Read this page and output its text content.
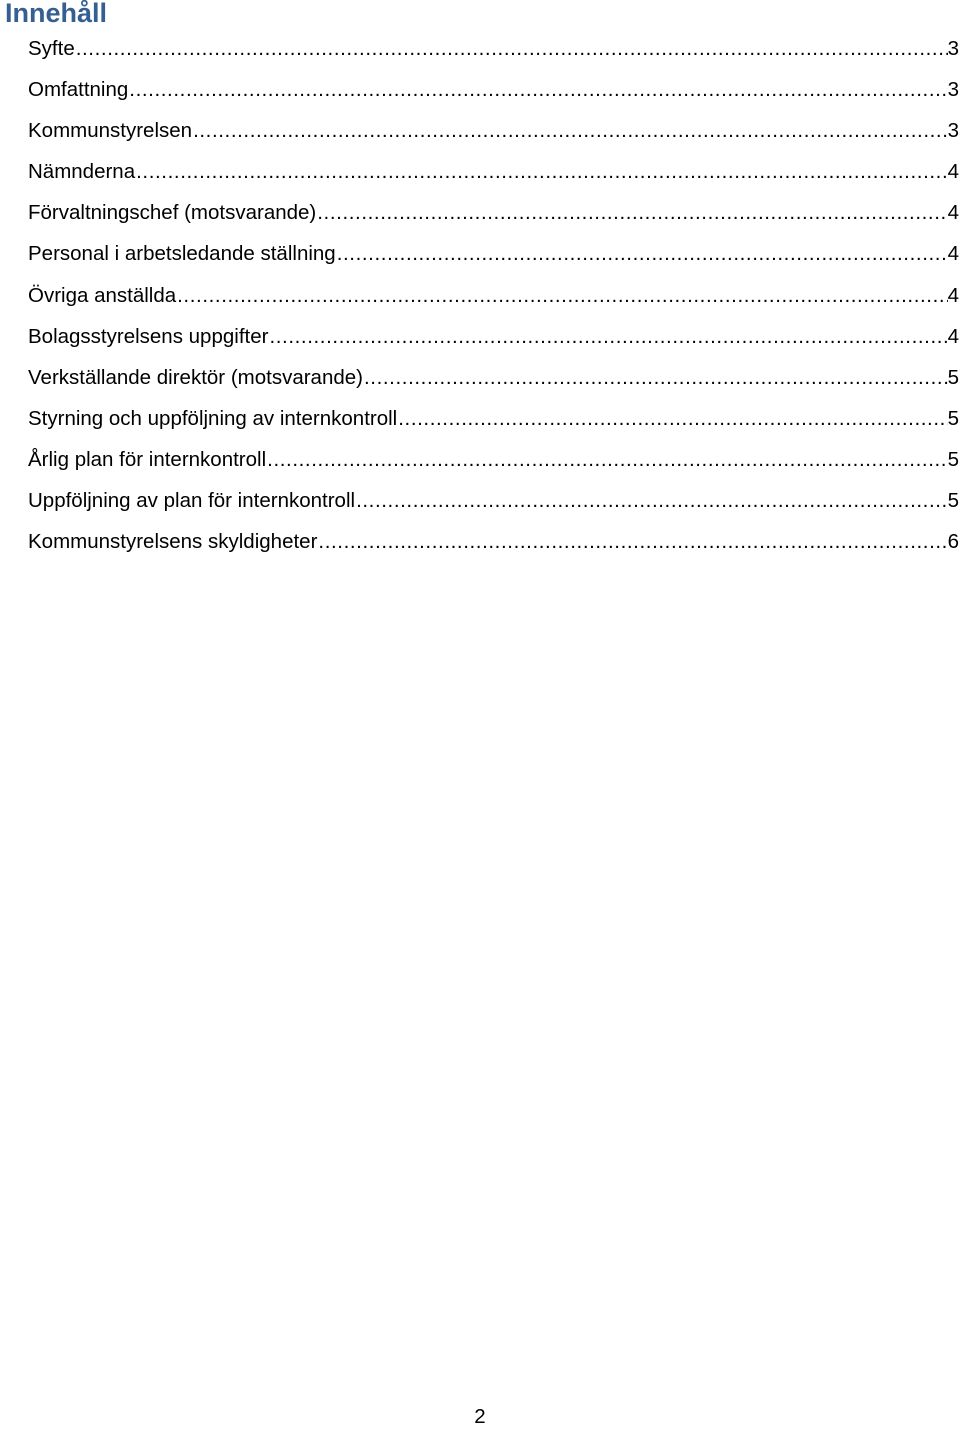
Innehåll
Syfte .....	3
Omfattning .....	3
Kommunstyrelsen .....	3
Nämnderna .....	4
Förvaltningschef (motsvarande) .....	4
Personal i arbetsledande ställning .....	4
Övriga anställda .....	4
Bolagsstyrelsens uppgifter .....	4
Verkställande direktör (motsvarande) .....	5
Styrning och uppföljning av internkontroll .....	5
Årlig plan för internkontroll .....	5
Uppföljning av plan för internkontroll .....	5
Kommunstyrelsens skyldigheter .....	6
2
